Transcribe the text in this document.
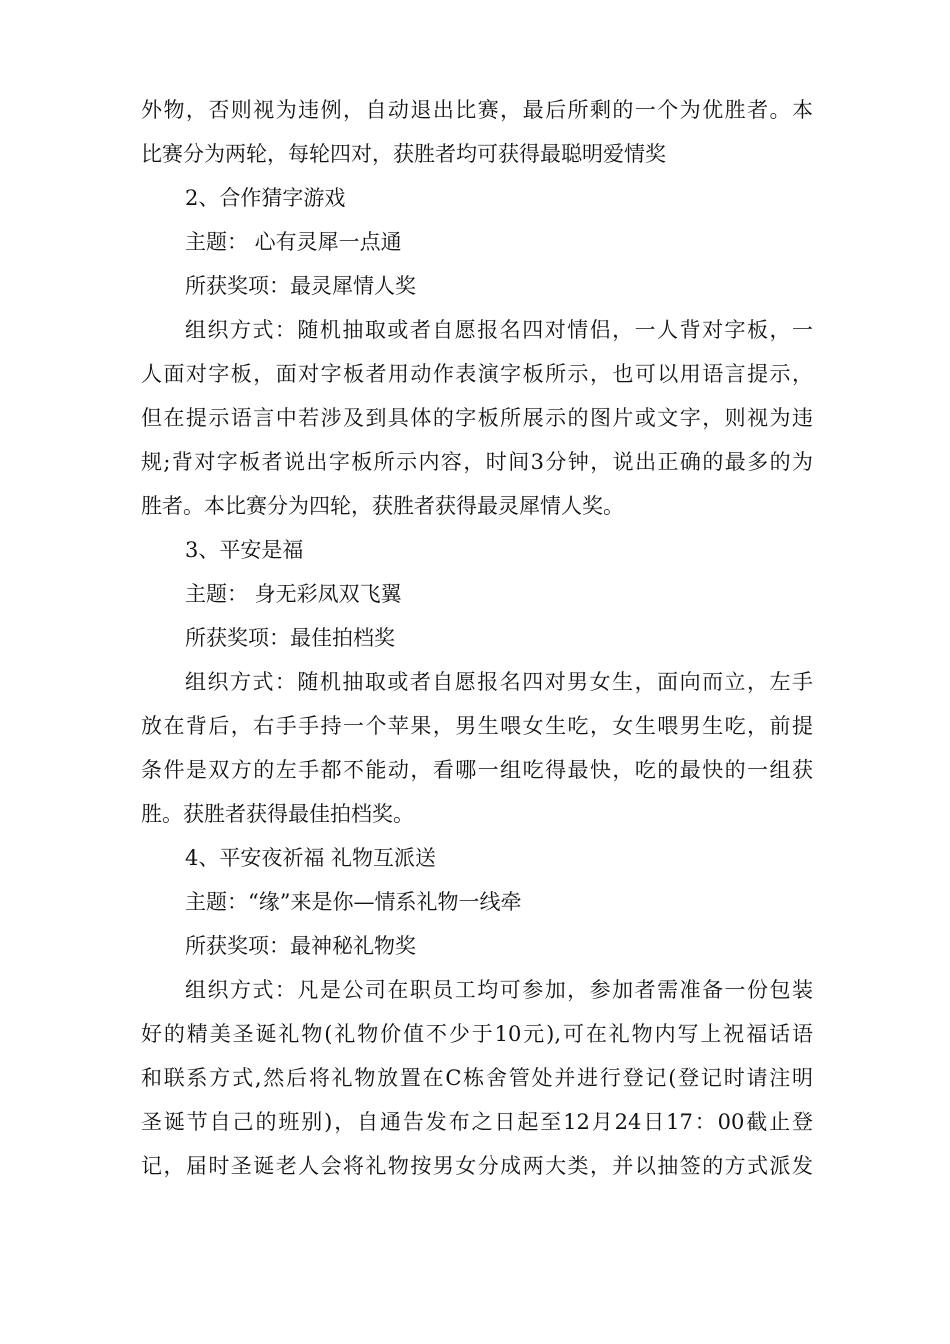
外物，否则视为违例，自动退出比赛，最后所剩的一个为优胜者。本
比赛分为两轮，每轮四对，获胜者均可获得最聪明爱情奖
2、合作猜字游戏
主题： 心有灵犀一点通
所获奖项：最灵犀情人奖
组织方式：随机抽取或者自愿报名四对情侣，一人背对字板，一
人面对字板，面对字板者用动作表演字板所示，也可以用语言提示，
但在提示语言中若涉及到具体的字板所展示的图片或文字，则视为违
规;背对字板者说出字板所示内容，时间3分钟，说出正确的最多的为
胜者。本比赛分为四轮，获胜者获得最灵犀情人奖。
3、平安是福
主题： 身无彩凤双飞翼
所获奖项：最佳拍档奖
组织方式：随机抽取或者自愿报名四对男女生，面向而立，左手
放在背后，右手手持一个苹果，男生喂女生吃，女生喂男生吃，前提
条件是双方的左手都不能动，看哪一组吃得最快，吃的最快的一组获
胜。获胜者获得最佳拍档奖。
4、平安夜祈福 礼物互派送
主题：“缘”来是你—情系礼物一线牵
所获奖项：最神秘礼物奖
组织方式：凡是公司在职员工均可参加，参加者需准备一份包装
好的精美圣诞礼物(礼物价值不少于10元),可在礼物内写上祝福话语
和联系方式,然后将礼物放置在C栋舍管处并进行登记(登记时请注明
圣诞节自己的班别)，自通告发布之日起至12月24日17：00截止登
记，届时圣诞老人会将礼物按男女分成两大类，并以抽签的方式派发
